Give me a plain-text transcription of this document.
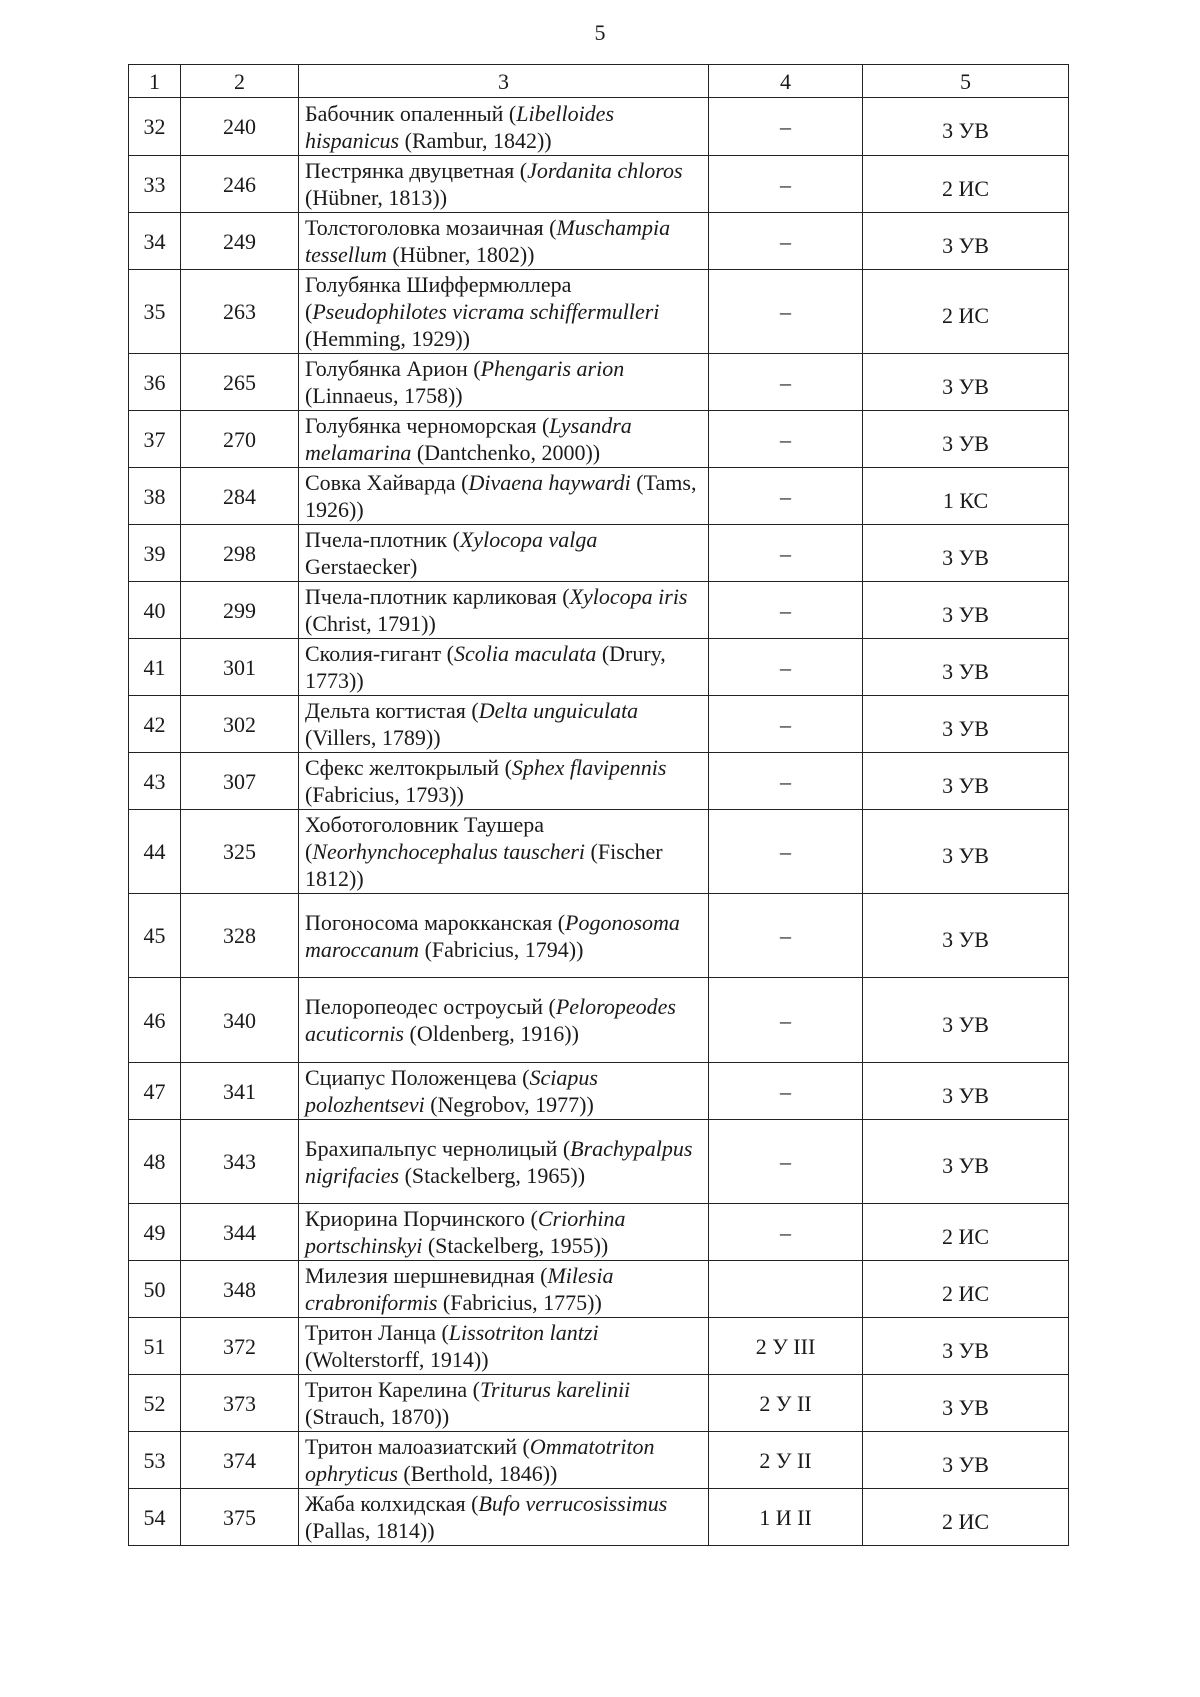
5
1	2	3	4	5
32	240	Бабочник опаленный (Libelloides hispanicus (Rambur, 1842))	–	3 УВ
33	246	Пестрянка двуцветная (Jordanita chloros (Hübner, 1813))	–	2 ИС
34	249	Толстоголовка мозаичная (Muschampia tessellum (Hübner, 1802))	–	3 УВ
35	263	Голубянка Шиффермюллера (Pseudophilotes vicrama schiffermulleri (Hemming, 1929))	–	2 ИС
36	265	Голубянка Арион (Phengaris arion (Linnaeus, 1758))	–	3 УВ
37	270	Голубянка черноморская (Lysandra melamarina (Dantchenko, 2000))	–	3 УВ
38	284	Совка Хайварда (Divaena haywardi (Tams, 1926))	–	1 КС
39	298	Пчела-плотник (Xylocopa valga Gerstaecker)	–	3 УВ
40	299	Пчела-плотник карликовая (Xylocopa iris (Christ, 1791))	–	3 УВ
41	301	Сколия-гигант (Scolia maculata (Drury, 1773))	–	3 УВ
42	302	Дельта когтистая (Delta unguiculata (Villers, 1789))	–	3 УВ
43	307	Сфекс желтокрылый (Sphex flavipennis (Fabricius, 1793))	–	3 УВ
44	325	Хоботоголовник Таушера (Neorhynchocephalus tauscheri (Fischer 1812))	–	3 УВ
45	328	Погоносома марокканская (Pogonosoma maroccanum (Fabricius, 1794))	–	3 УВ
46	340	Пелоропеодес остроусый (Peloropeodes acuticornis (Oldenberg, 1916))	–	3 УВ
47	341	Сциапус Положенцева (Sciapus polozhentsevi (Negrobov, 1977))	–	3 УВ
48	343	Брахипальпус чернолицый (Brachypalpus nigrifacies (Stackelberg, 1965))	–	3 УВ
49	344	Криорина Порчинского (Criorhina portschinskyi (Stackelberg, 1955))	–	2 ИС
50	348	Милезия шершневидная (Milesia crabroniformis (Fabricius, 1775))		2 ИС
51	372	Тритон Ланца (Lissotriton lantzi (Wolterstorff, 1914))	2 У III	3 УВ
52	373	Тритон Карелина (Triturus karelinii (Strauch, 1870))	2 У II	3 УВ
53	374	Тритон малоазиатский (Ommatotriton ophryticus (Berthold, 1846))	2 У II	3 УВ
54	375	Жаба колхидская (Bufo verrucosissimus (Pallas, 1814))	1 И II	2 ИС
